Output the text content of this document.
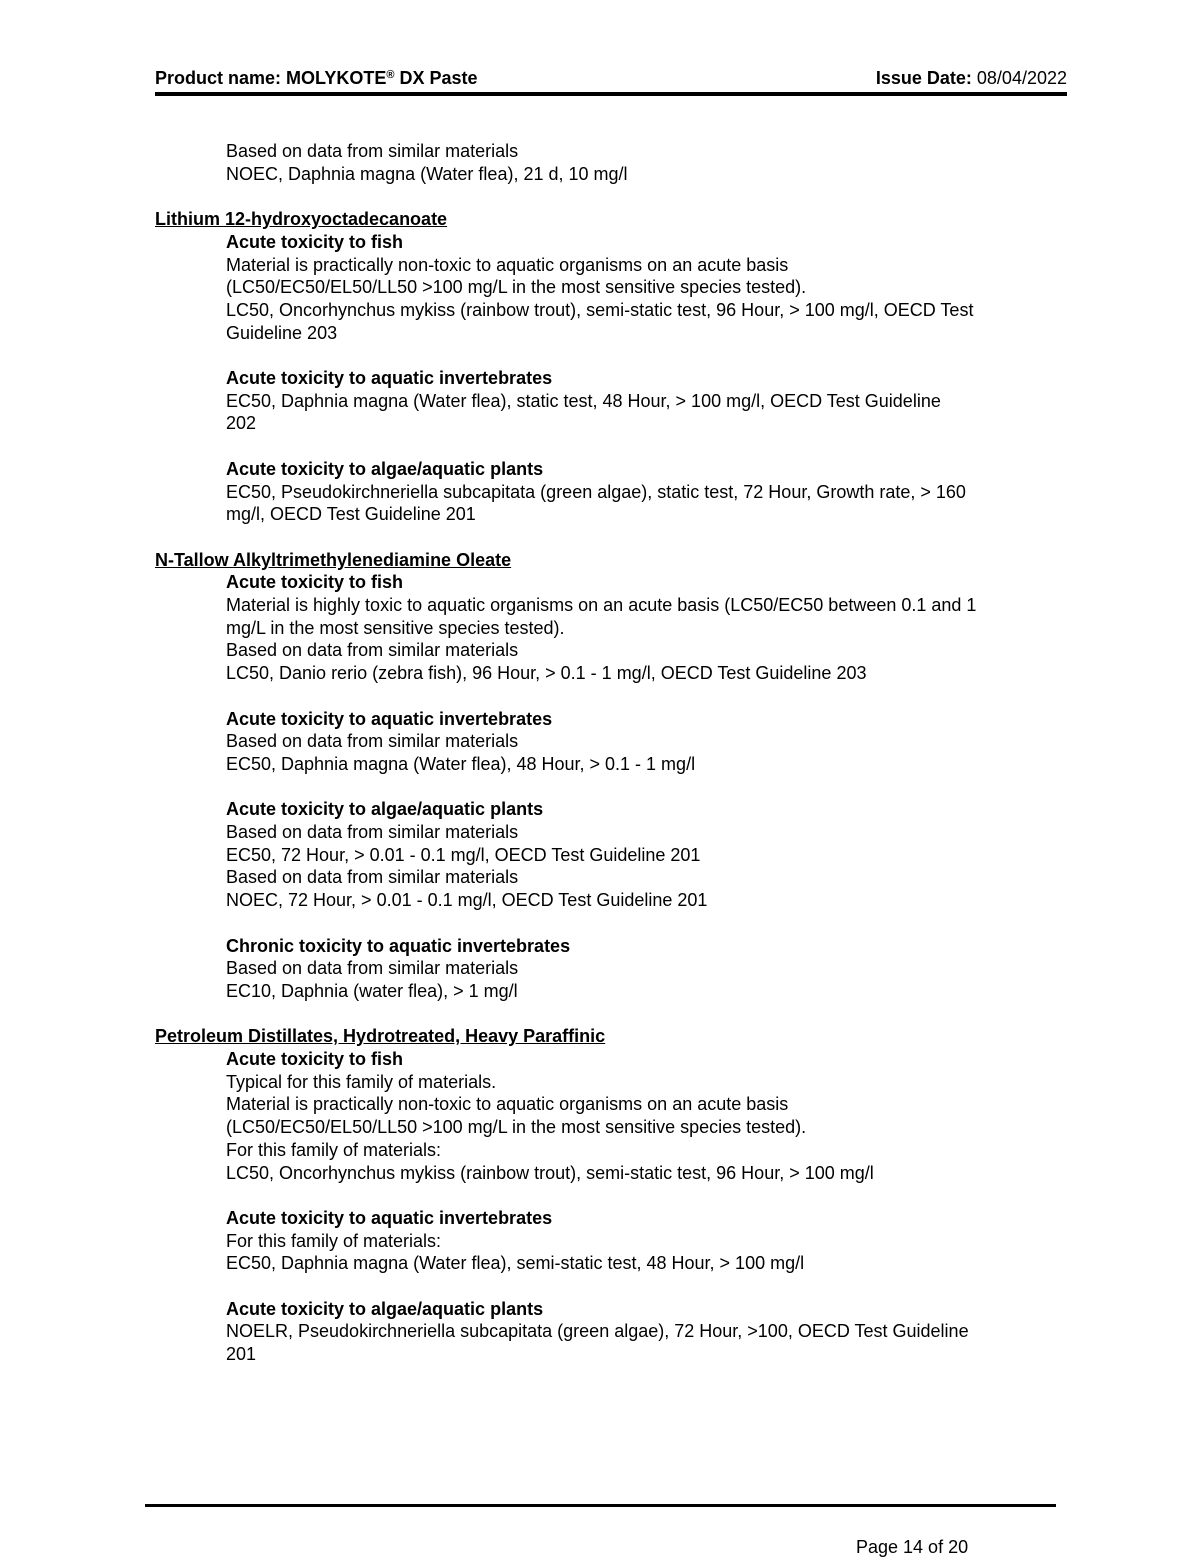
Product name: MOLYKOTE® DX Paste	Issue Date: 08/04/2022
Based on data from similar materials
NOEC, Daphnia magna (Water flea), 21 d, 10 mg/l
Lithium 12-hydroxyoctadecanoate
Acute toxicity to fish
Material is practically non-toxic to aquatic organisms on an acute basis
(LC50/EC50/EL50/LL50 >100 mg/L in the most sensitive species tested).
LC50, Oncorhynchus mykiss (rainbow trout), semi-static test, 96 Hour, > 100 mg/l, OECD Test
Guideline 203
Acute toxicity to aquatic invertebrates
EC50, Daphnia magna (Water flea), static test, 48 Hour, > 100 mg/l, OECD Test Guideline
202
Acute toxicity to algae/aquatic plants
EC50, Pseudokirchneriella subcapitata (green algae), static test, 72 Hour, Growth rate, > 160
mg/l, OECD Test Guideline 201
N-Tallow Alkyltrimethylenediamine Oleate
Acute toxicity to fish
Material is highly toxic to aquatic organisms on an acute basis (LC50/EC50 between 0.1 and 1
mg/L in the most sensitive species tested).
Based on data from similar materials
LC50, Danio rerio (zebra fish), 96 Hour, > 0.1 - 1 mg/l, OECD Test Guideline 203
Acute toxicity to aquatic invertebrates
Based on data from similar materials
EC50, Daphnia magna (Water flea), 48 Hour, > 0.1 - 1 mg/l
Acute toxicity to algae/aquatic plants
Based on data from similar materials
EC50, 72 Hour, > 0.01 - 0.1 mg/l, OECD Test Guideline 201
Based on data from similar materials
NOEC, 72 Hour, > 0.01 - 0.1 mg/l, OECD Test Guideline 201
Chronic toxicity to aquatic invertebrates
Based on data from similar materials
EC10, Daphnia (water flea), > 1 mg/l
Petroleum Distillates, Hydrotreated, Heavy Paraffinic
Acute toxicity to fish
Typical for this family of materials.
Material is practically non-toxic to aquatic organisms on an acute basis
(LC50/EC50/EL50/LL50 >100 mg/L in the most sensitive species tested).
For this family of materials:
LC50, Oncorhynchus mykiss (rainbow trout), semi-static test, 96 Hour, > 100 mg/l
Acute toxicity to aquatic invertebrates
For this family of materials:
EC50, Daphnia magna (Water flea), semi-static test, 48 Hour, > 100 mg/l
Acute toxicity to algae/aquatic plants
NOELR, Pseudokirchneriella subcapitata (green algae), 72 Hour, >100, OECD Test Guideline
201
Page 14 of 20
